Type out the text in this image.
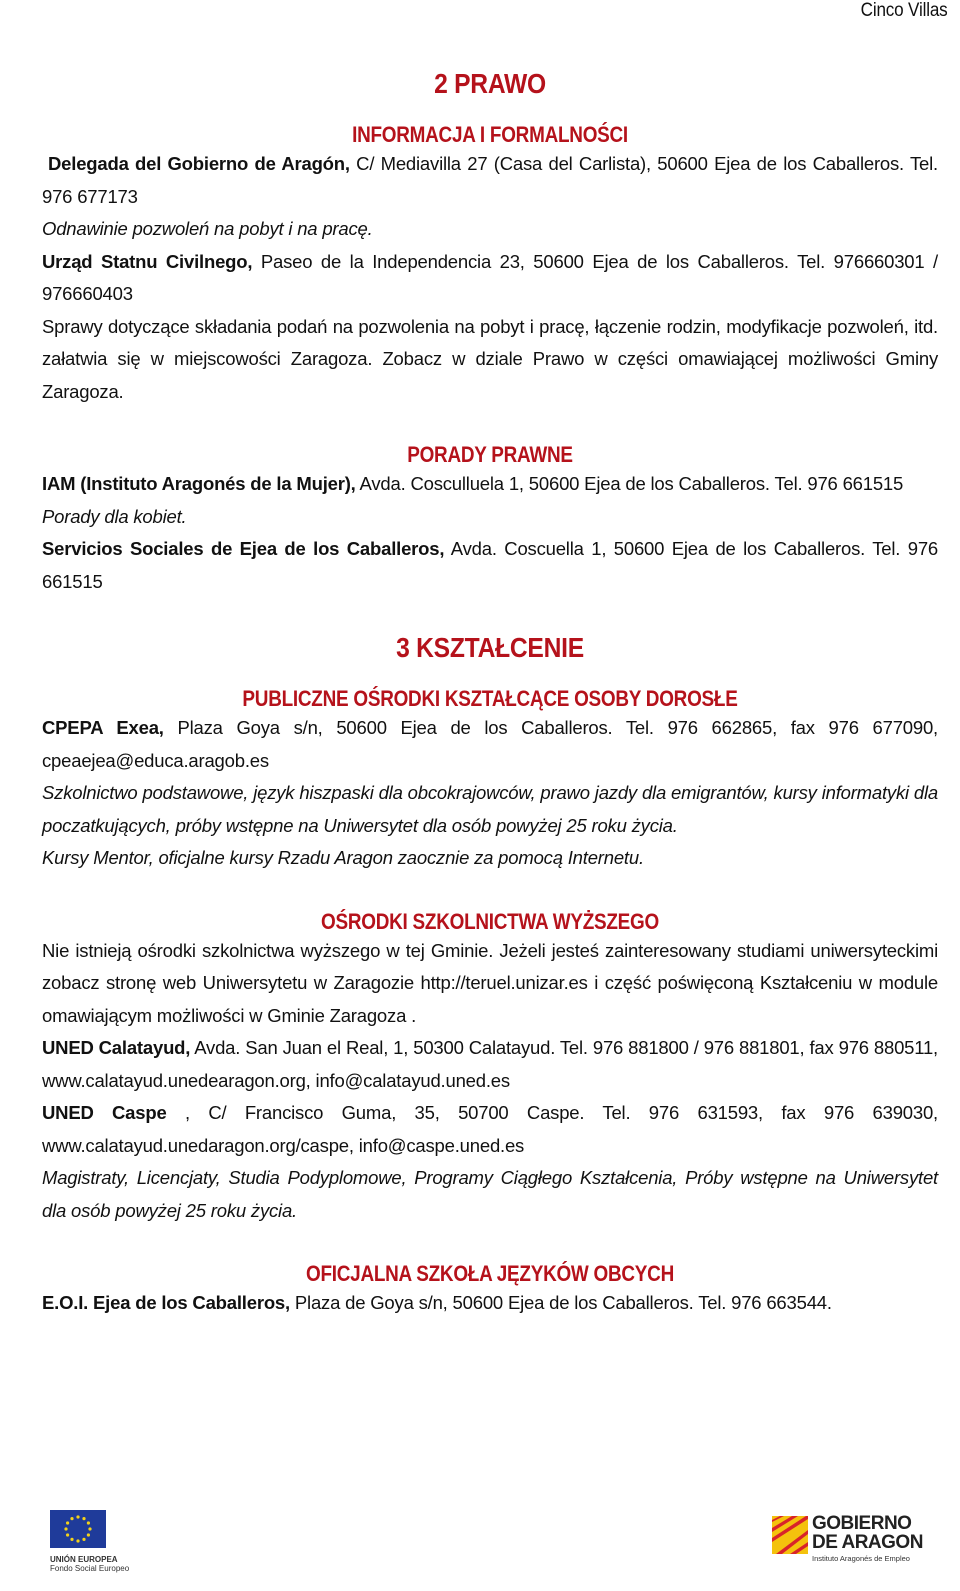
Cinco Villas
2 PRAWO
INFORMACJA I FORMALNOŚCI

Delegada del Gobierno de Aragón, C/ Mediavilla 27 (Casa del Carlista), 50600 Ejea de los Caballeros. Tel. 976 677173

Odnawinie pozwoleń na pobyt i na pracę.

Urząd Statnu Civilnego, Paseo de la Independencia 23, 50600 Ejea de los Caballeros. Tel. 976660301 / 976660403

Sprawy dotyczące składania podań na pozwolenia na pobyt i pracę, łączenie rodzin, modyfikacje pozwoleń, itd. załatwia się w miejscowości Zaragoza. Zobacz w dziale Prawo w części omawiającej możliwości Gminy Zaragoza.

PORADY PRAWNE

IAM (Instituto Aragonés de la Mujer), Avda. Cosculluela 1, 50600 Ejea de los Caballeros. Tel. 976 661515

Porady dla kobiet.

Servicios Sociales de Ejea de los Caballeros, Avda. Coscuella 1, 50600 Ejea de los Caballeros. Tel. 976 661515

3 KSZTAŁCENIE
PUBLICZNE OŚRODKI KSZTAŁCĄCE OSOBY DOROSŁE

CPEPA Exea, Plaza Goya s/n, 50600 Ejea de los Caballeros. Tel. 976 662865, fax 976 677090, cpeaejea@educa.aragob.es

Szkolnictwo podstawowe, język hiszpaski dla obcokrajowców, prawo jazdy dla emigrantów, kursy informatyki dla poczatkujących, próby wstępne na Uniwersytet dla osób powyżej 25 roku życia.

Kursy Mentor, oficjalne kursy Rzadu Aragon zaocznie za pomocą Internetu.

OŚRODKI SZKOLNICTWA WYŻSZEGO

Nie istnieją ośrodki szkolnictwa wyższego w tej Gminie. Jeżeli jesteś zainteresowany studiami uniwersyteckimi zobacz stronę web Uniwersytetu w Zaragozie http://teruel.unizar.es i część poświęconą Kształceniu w module omawiającym możliwości w Gminie Zaragoza .

UNED Calatayud, Avda. San Juan el Real, 1, 50300 Calatayud. Tel. 976 881800 / 976 881801, fax 976 880511, www.calatayud.unedearagon.org, info@calatayud.uned.es

UNED Caspe , C/ Francisco Guma, 35, 50700 Caspe. Tel. 976 631593, fax 976 639030, www.calatayud.unedaragon.org/caspe, info@caspe.uned.es

Magistraty, Licencjaty, Studia Podyplomowe, Programy Ciągłego Kształcenia, Próby wstępne na Uniwersytet dla osób powyżej 25 roku życia.

OFICJALNA SZKOŁA JĘZYKÓW OBCYCH

E.O.I. Ejea de los Caballeros, Plaza de Goya s/n, 50600 Ejea de los Caballeros. Tel. 976 663544.

UNIÓN EUROPEA
Fondo Social Europeo
GOBIERNO
DE ARAGON
Instituto Aragonés de Empleo
